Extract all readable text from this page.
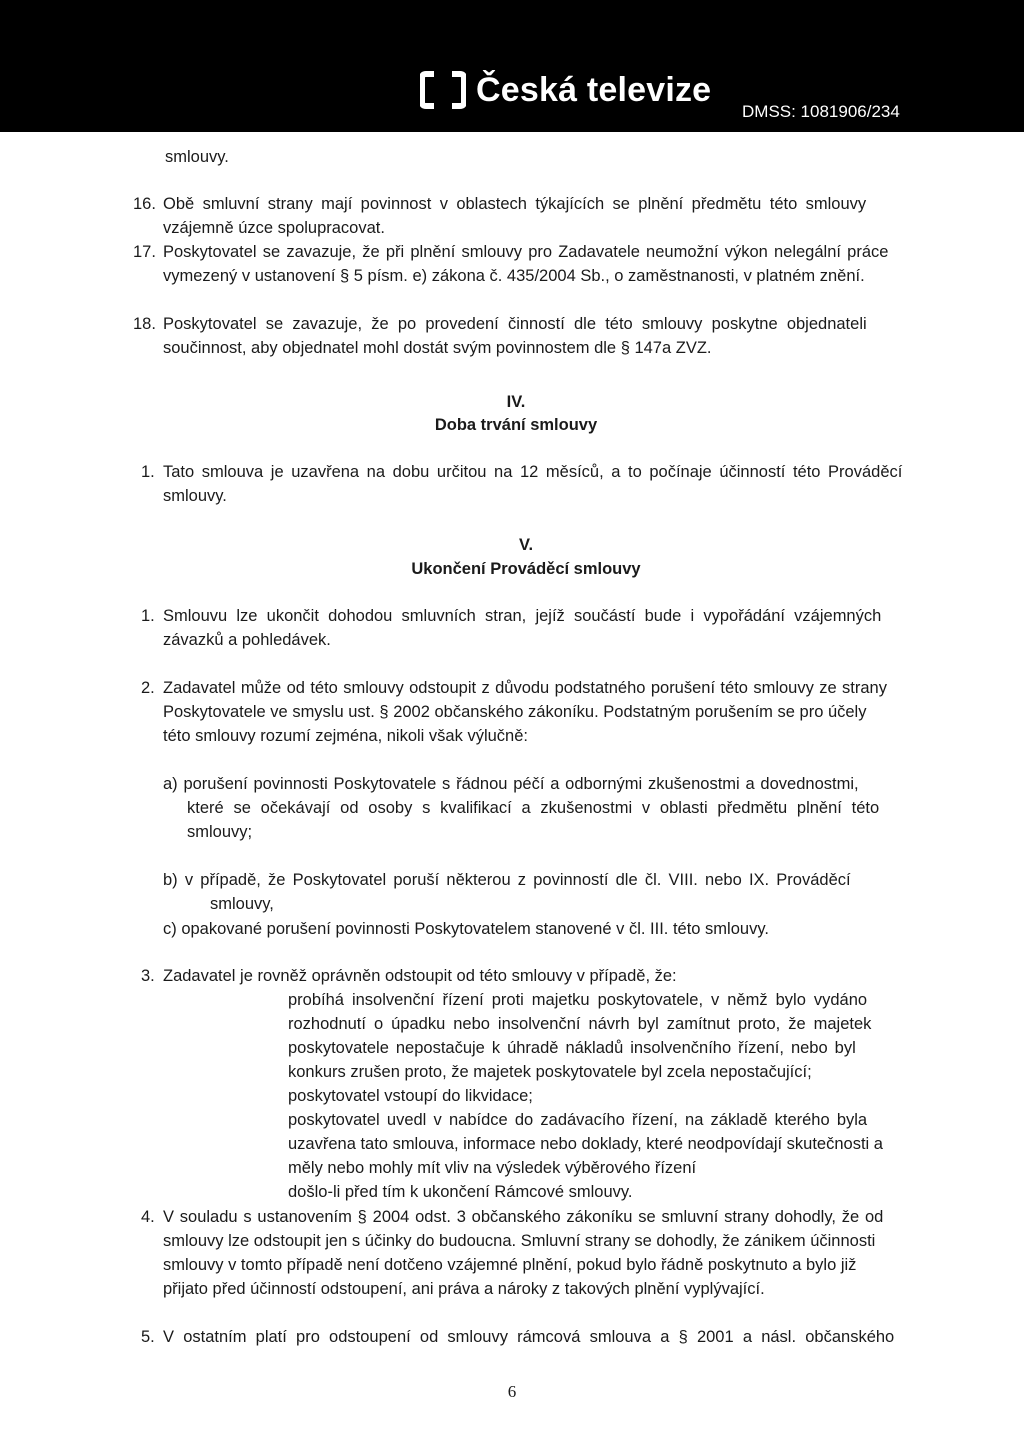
Česká televize
DMSS: 1081906/234
smlouvy.
16. Obě smluvní strany mají povinnost v oblastech týkajících se plnění předmětu této smlouvy
vzájemně úzce spolupracovat.
17. Poskytovatel se zavazuje, že při plnění smlouvy pro Zadavatele neumožní výkon nelegální práce
vymezený v ustanovení § 5 písm. e) zákona č. 435/2004 Sb., o zaměstnanosti, v platném znění.
18. Poskytovatel se zavazuje, že po provedení činností dle této smlouvy poskytne objednateli
součinnost, aby objednatel mohl dostát svým povinnostem dle § 147a ZVZ.
IV.
Doba trvání smlouvy
1. Tato smlouva je uzavřena na dobu určitou na 12 měsíců, a to počínaje účinností této Prováděcí
smlouvy.
V.
Ukončení Prováděcí smlouvy
1. Smlouvu lze ukončit dohodou smluvních stran, jejíž součástí bude i vypořádání vzájemných
závazků a pohledávek.
2. Zadavatel může od této smlouvy odstoupit z důvodu podstatného porušení této smlouvy ze strany
Poskytovatele ve smyslu ust. § 2002 občanského zákoníku. Podstatným porušením se pro účely
této smlouvy rozumí zejména, nikoli však výlučně:
a) porušení povinnosti Poskytovatele s řádnou péčí a odbornými zkušenostmi a dovednostmi,
které se očekávají od osoby s kvalifikací a zkušenostmi v oblasti předmětu plnění této
smlouvy;
b) v případě, že Poskytovatel poruší některou z povinností dle čl. VIII. nebo IX. Prováděcí
smlouvy,
c) opakované porušení povinnosti Poskytovatelem stanovené v čl. III. této smlouvy.
3. Zadavatel je rovněž oprávněn odstoupit od této smlouvy v případě, že:
probíhá insolvenční řízení proti majetku poskytovatele, v němž bylo vydáno
rozhodnutí o úpadku nebo insolvenční návrh byl zamítnut proto, že majetek
poskytovatele nepostačuje k úhradě nákladů insolvenčního řízení, nebo byl
konkurs zrušen proto, že majetek poskytovatele byl zcela nepostačující;
poskytovatel vstoupí do likvidace;
poskytovatel uvedl v nabídce do zadávacího řízení, na základě kterého byla
uzavřena tato smlouva, informace nebo doklady, které neodpovídají skutečnosti a
měly nebo mohly mít vliv na výsledek výběrového řízení
došlo-li před tím k ukončení Rámcové smlouvy.
4. V souladu s ustanovením § 2004 odst. 3 občanského zákoníku se smluvní strany dohodly, že od
smlouvy lze odstoupit jen s účinky do budoucna. Smluvní strany se dohodly, že zánikem účinnosti
smlouvy v tomto případě není dotčeno vzájemné plnění, pokud bylo řádně poskytnuto a bylo již
přijato před účinností odstoupení, ani práva a nároky z takových plnění vyplývající.
5. V ostatním platí pro odstoupení od smlouvy rámcová smlouva a § 2001 a násl. občanského
6
